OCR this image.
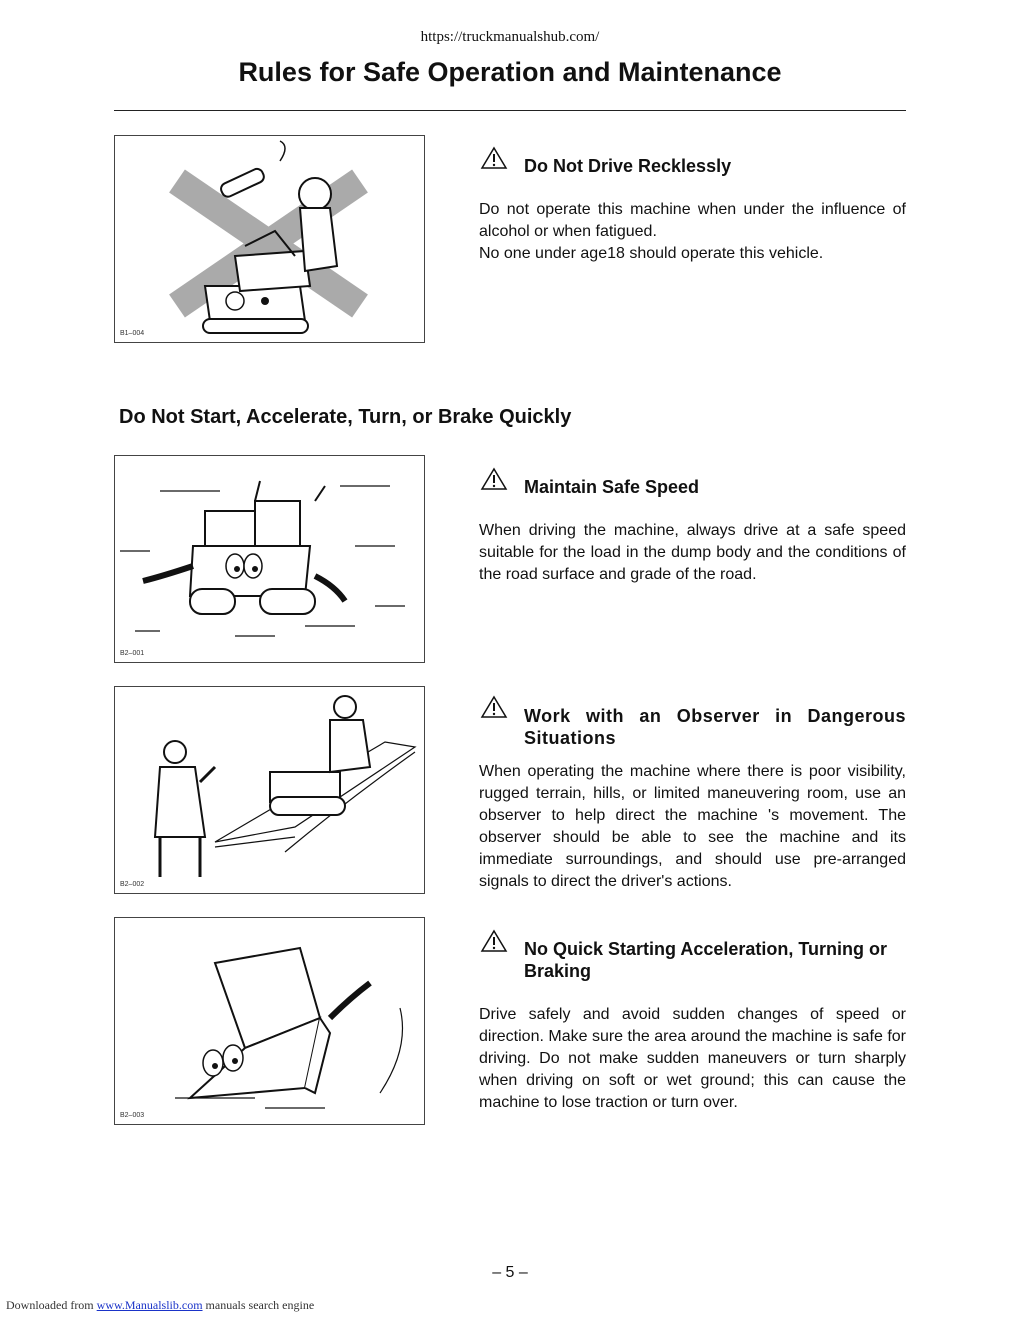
https://truckmanualshub.com/
Rules for Safe Operation and Maintenance
B1–004
Do Not Drive Recklessly
Do not operate this machine when under the influence of alcohol or when fatigued.
No one under age18 should operate this vehicle.
Do Not Start, Accelerate, Turn, or Brake Quickly
B2–001
Maintain Safe Speed
When driving the machine, always drive at a safe speed suitable for the load in the dump body and the conditions of the road surface and grade of the road.
B2–002
Work with an Observer in Dangerous Situations
When operating the machine where there is poor visibility, rugged terrain, hills, or limited maneuvering room, use an observer to help direct the machine 's movement. The observer should be able to see the machine and its immediate surroundings, and should use pre-arranged signals to direct the driver's actions.
B2–003
No Quick Starting Acceleration, Turning or Braking
Drive safely and avoid sudden changes of speed or direction. Make sure the area around the machine is safe for driving. Do not make sudden maneuvers or turn sharply when driving on soft or wet ground; this can cause the machine to lose traction or turn over.
– 5 –
Downloaded from www.Manualslib.com manuals search engine
